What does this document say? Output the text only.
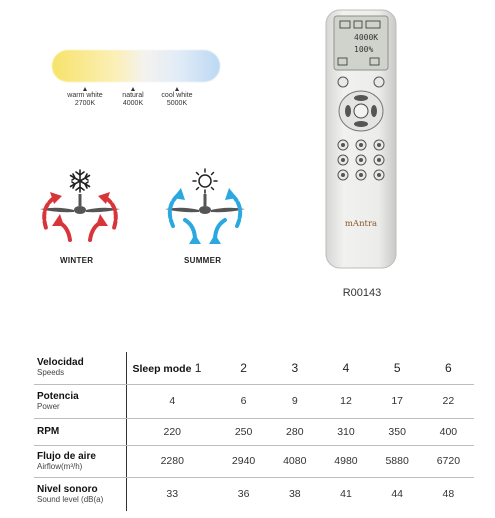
warm white
2700K
natural
4000K
cool white
5000K
WINTER	SUMMER
4000K
100%
mAntra
R00143
Velocidad
Speeds	Sleep mode 1	2	3	4	5	6

Potencia
Power	4	6	9	12	17	22

RPM	220	250	280	310	350	400

Flujo de aire
Airflow(m³/h)	2280	2940	4080	4980	5880	6720

Nivel sonoro
Sound level (dB(a)	33	36	38	41	44	48
